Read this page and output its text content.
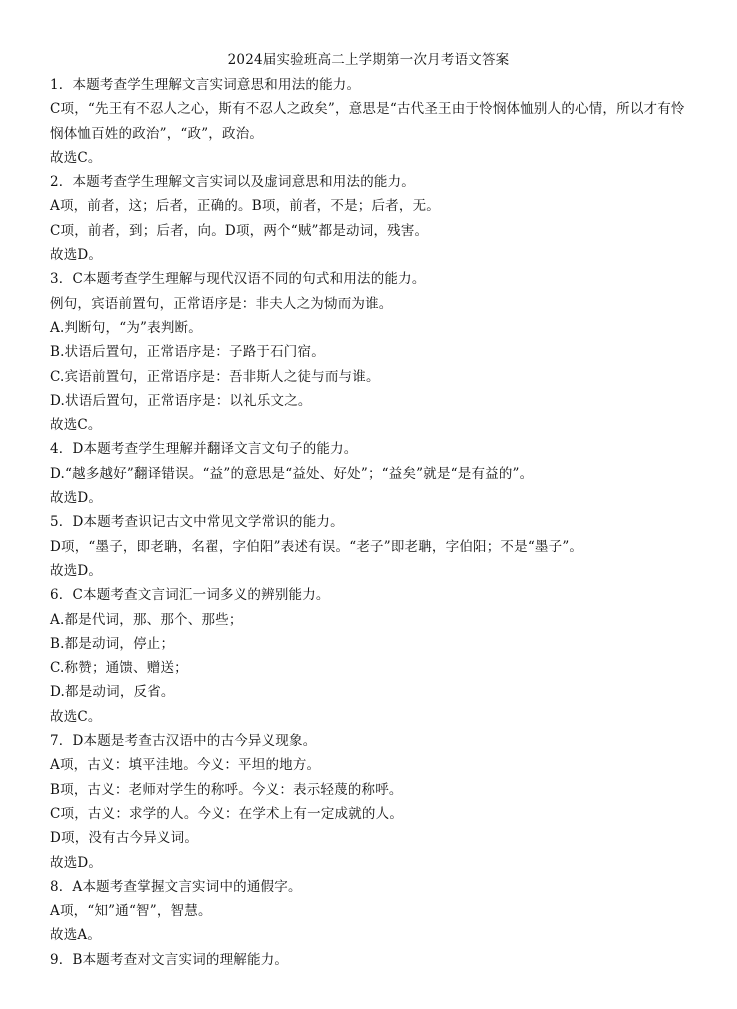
2024届实验班高二上学期第一次月考语文答案
1．本题考查学生理解文言实词意思和用法的能力。
C项，“先王有不忍人之心，斯有不忍人之政矣”，意思是“古代圣王由于怜悯体恤别人的心情，所以才有怜
悯体恤百姓的政治”，“政”，政治。
故选C。
2．本题考查学生理解文言实词以及虚词意思和用法的能力。
A项，前者，这；后者，正确的。B项，前者，不是；后者，无。
C项，前者，到；后者，向。D项，两个“贼”都是动词，残害。
故选D。
3．C本题考查学生理解与现代汉语不同的句式和用法的能力。
例句，宾语前置句，正常语序是：非夫人之为恸而为谁。
A.判断句，“为”表判断。
B.状语后置句，正常语序是：子路于石门宿。
C.宾语前置句，正常语序是：吾非斯人之徒与而与谁。
D.状语后置句，正常语序是：以礼乐文之。
故选C。
4．D本题考查学生理解并翻译文言文句子的能力。
D.“越多越好”翻译错误。“益”的意思是“益处、好处”；“益矣”就是“是有益的”。
故选D。
5．D本题考查识记古文中常见文学常识的能力。
D项，“墨子，即老聃，名翟，字伯阳”表述有误。“老子”即老聃，字伯阳；不是“墨子”。
故选D。
6．C本题考查文言词汇一词多义的辨别能力。
A.都是代词，那、那个、那些；
B.都是动词，停止；
C.称赞；通馈、赠送；
D.都是动词，反省。
故选C。
7．D本题是考查古汉语中的古今异义现象。
A项，古义：填平洼地。今义：平坦的地方。
B项，古义：老师对学生的称呼。今义：表示轻蔑的称呼。
C项，古义：求学的人。今义：在学术上有一定成就的人。
D项，没有古今异义词。
故选D。
8．A本题考查掌握文言实词中的通假字。
A项，“知”通“智”，智慧。
故选A。
9．B本题考查对文言实词的理解能力。
